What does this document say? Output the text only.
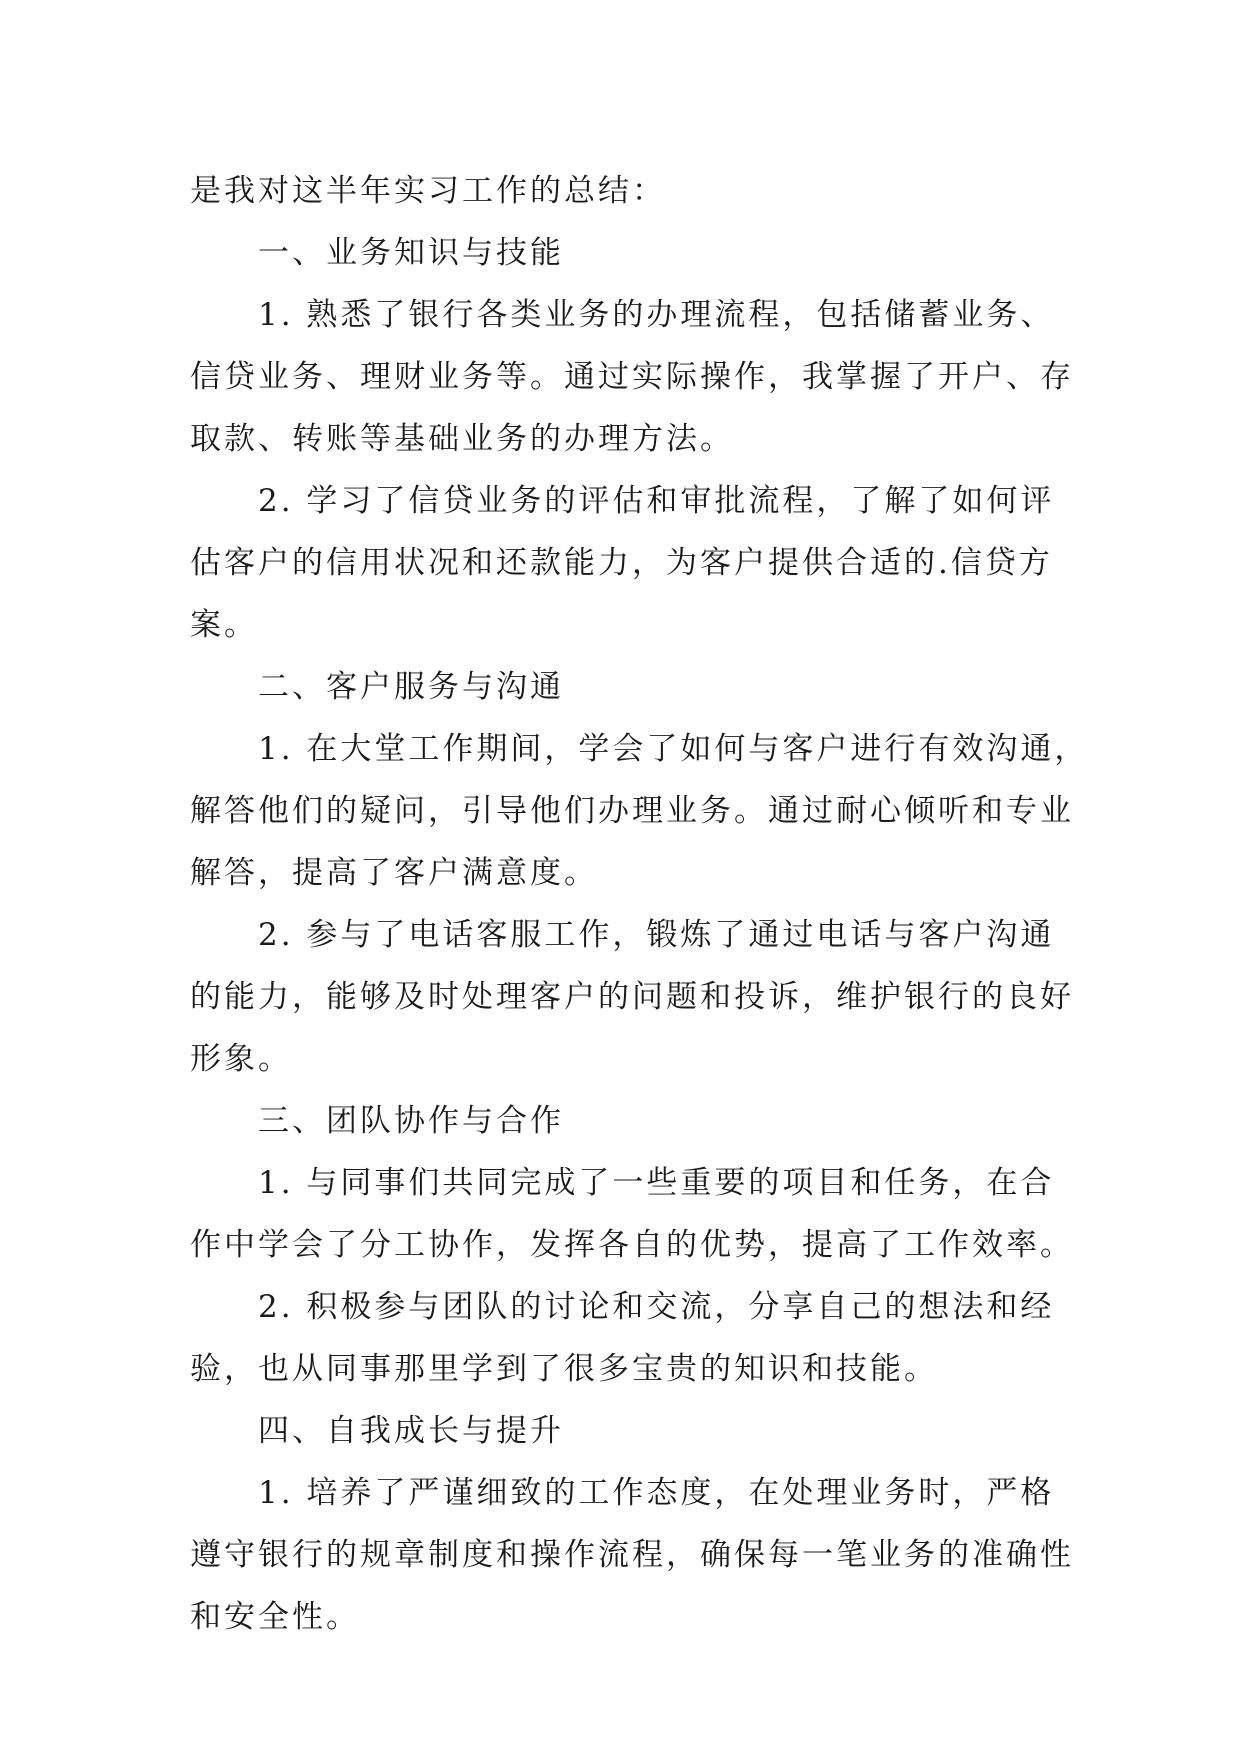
是我对这半年实习工作的总结：
一、业务知识与技能
1. 熟悉了银行各类业务的办理流程，包括储蓄业务、
信贷业务、理财业务等。通过实际操作，我掌握了开户、存
取款、转账等基础业务的办理方法。
2. 学习了信贷业务的评估和审批流程，了解了如何评
估客户的信用状况和还款能力，为客户提供合适的.信贷方
案。
二、客户服务与沟通
1. 在大堂工作期间，学会了如何与客户进行有效沟通，
解答他们的疑问，引导他们办理业务。通过耐心倾听和专业
解答，提高了客户满意度。
2. 参与了电话客服工作，锻炼了通过电话与客户沟通
的能力，能够及时处理客户的问题和投诉，维护银行的良好
形象。
三、团队协作与合作
1. 与同事们共同完成了一些重要的项目和任务，在合
作中学会了分工协作，发挥各自的优势，提高了工作效率。
2. 积极参与团队的讨论和交流，分享自己的想法和经
验，也从同事那里学到了很多宝贵的知识和技能。
四、自我成长与提升
1. 培养了严谨细致的工作态度，在处理业务时，严格
遵守银行的规章制度和操作流程，确保每一笔业务的准确性
和安全性。
